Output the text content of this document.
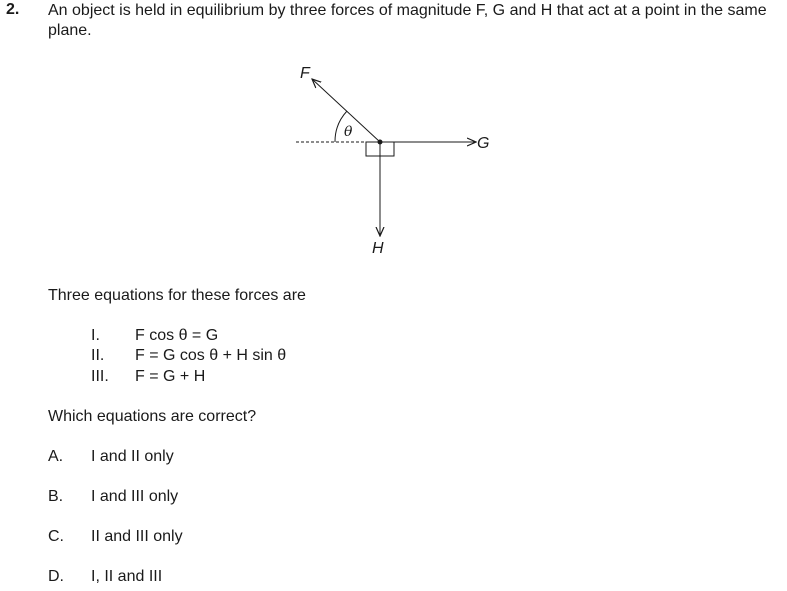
2. An object is held in equilibrium by three forces of magnitude F, G and H that act at a point in the same plane.
F
G
H
θ
Three equations for these forces are
I. F cos θ = G
II. F = G cos θ + H sin θ
III. F = G + H
Which equations are correct?
A. I and II only
B. I and III only
C. II and III only
D. I, II and III
